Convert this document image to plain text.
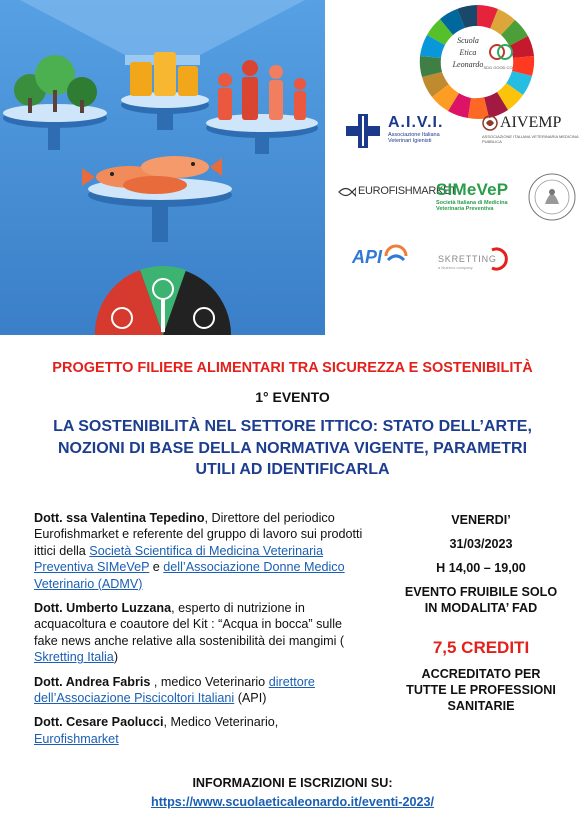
Scuola
Etica
Leonardo SDG GOOD CO
A.I.V.I.
Associazione Italiana Veterinari Igienisti
AIVEMP
ASSOCIAZIONE ITALIANA VETERINARIA MEDICINA PUBBLICA
EUROFISHMARKET
SIMeVeP
Società Italiana di Medicina
Veterinaria Preventiva
API	SKRETTING
a Nutreco company
PROGETTO FILIERE ALIMENTARI TRA SICUREZZA E SOSTENIBILITÀ
1° EVENTO
LA SOSTENIBILITÀ NEL SETTORE ITTICO: STATO DELL’ARTE,
NOZIONI DI BASE DELLA NORMATIVA VIGENTE, PARAMETRI
UTILI AD IDENTIFICARLA

Dott. ssa Valentina Tepedino, Direttore del periodico Eurofishmarket e referente del gruppo di lavoro sui prodotti ittici della Società Scientifica di Medicina Veterinaria Preventiva SIMeVeP e dell’Associazione Donne Medico Veterinario (ADMV)

Dott. Umberto Luzzana, esperto di nutrizione in acquacoltura e coautore del Kit : “Acqua in bocca” sulle fake news anche relative alla sostenibilità dei mangimi ( Skretting Italia)

Dott. Andrea Fabris , medico Veterinario direttore dell’Associazione Piscicoltori Italiani (API)

Dott. Cesare Paolucci, Medico Veterinario, Eurofishmarket

VENERDI’
31/03/2023
H 14,00 – 19,00
EVENTO FRUIBILE SOLO
IN MODALITA’ FAD
7,5 CREDITI
ACCREDITATO PER
TUTTE LE PROFESSIONI
SANITARIE
INFORMAZIONI E ISCRIZIONI SU:
https://www.scuolaeticaleonardo.it/eventi-2023/
